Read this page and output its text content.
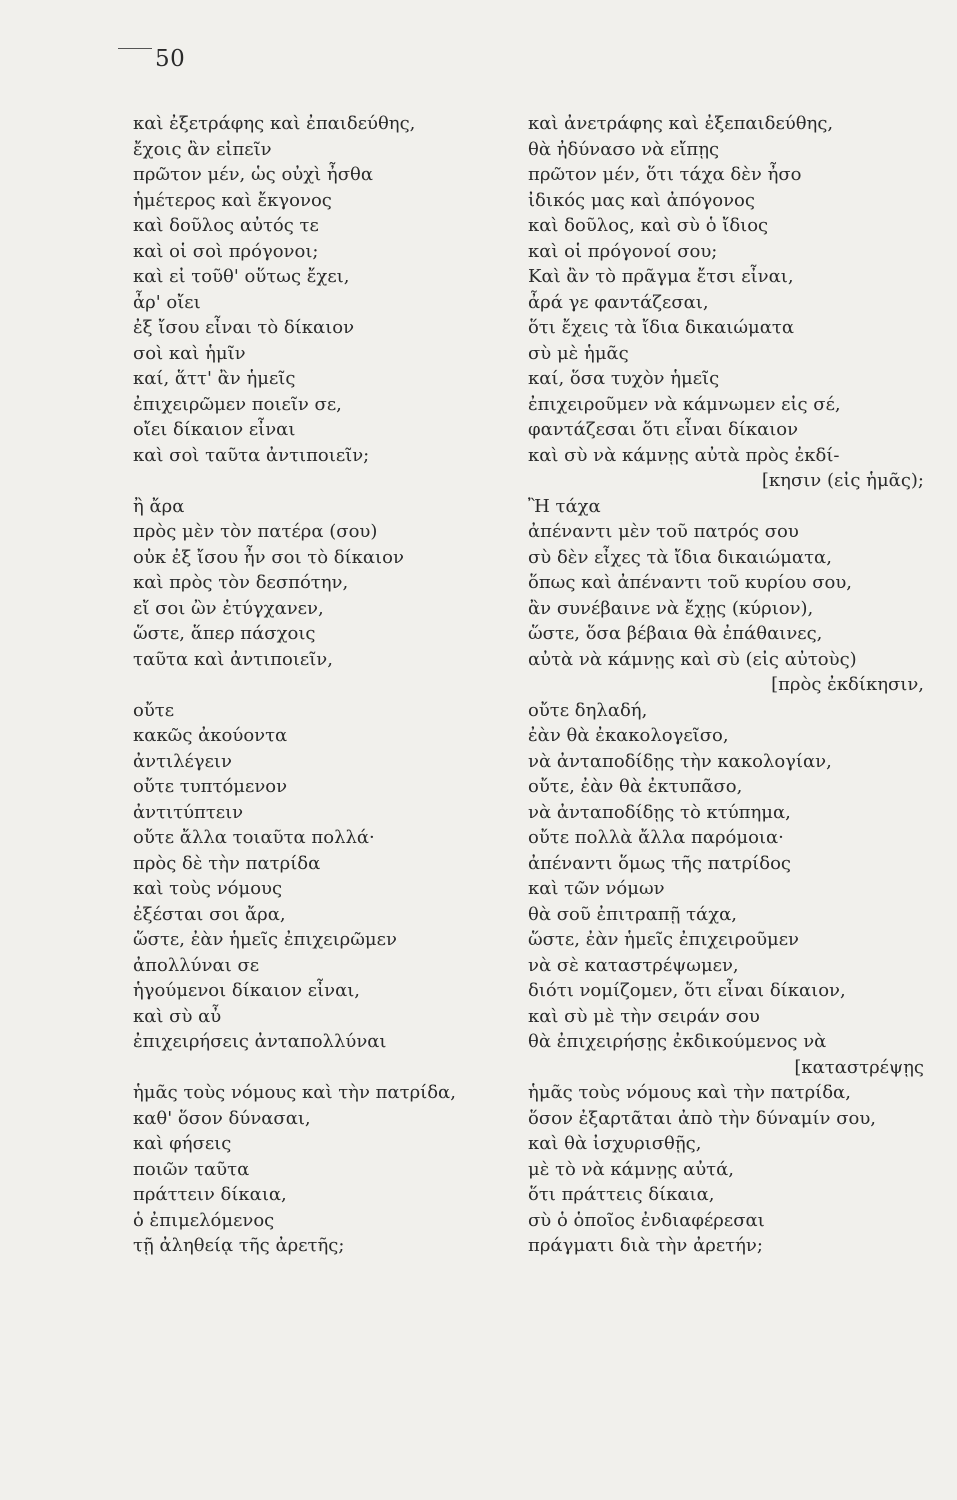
50
καὶ ἐξετράφης καὶ ἐπαιδεύθης,
ἔχοις ἂν εἰπεῖν
πρῶτον μέν, ὡς οὐχὶ ἦσθα
ἡμέτερος καὶ ἔκγονος
καὶ δοῦλος αὐτός τε
καὶ οἱ σοὶ πρόγονοι;
καὶ εἰ τοῦθ' οὕτως ἔχει,
ἆρ' οἴει
ἐξ ἴσου εἶναι τὸ δίκαιον
σοὶ καὶ ἡμῖν
καί, ἅττ' ἂν ἡμεῖς
ἐπιχειρῶμεν ποιεῖν σε,
οἴει δίκαιον εἶναι
καὶ σοὶ ταῦτα ἀντιποιεῖν;
ἢ ἄρα
πρὸς μὲν τὸν πατέρα (σου)
οὐκ ἐξ ἴσου ἦν σοι τὸ δίκαιον
καὶ πρὸς τὸν δεσπότην,
εἴ σοι ὢν ἐτύγχανεν,
ὥστε, ἅπερ πάσχοις
ταῦτα καὶ ἀντιποιεῖν,
οὔτε
κακῶς ἀκούοντα
ἀντιλέγειν
οὔτε τυπτόμενον
ἀντιτύπτειν
οὔτε ἄλλα τοιαῦτα πολλά·
πρὸς δὲ τὴν πατρίδα
καὶ τοὺς νόμους
ἐξέσται σοι ἄρα,
ὥστε, ἐὰν ἡμεῖς ἐπιχειρῶμεν
ἀπολλύναι σε
ἡγούμενοι δίκαιον εἶναι,
καὶ σὺ αὖ
ἐπιχειρήσεις ἀνταπολλύναι
ἡμᾶς τοὺς νόμους καὶ τὴν πατρίδα,
καθ' ὅσον δύνασαι,
καὶ φήσεις
ποιῶν ταῦτα
πράττειν δίκαια,
ὁ ἐπιμελόμενος
τῇ ἀληθείᾳ τῆς ἀρετῆς;
καὶ ἀνετράφης καὶ ἐξεπαιδεύθης,
θὰ ἠδύνασο νὰ εἴπῃς
πρῶτον μέν, ὅτι τάχα δὲν ἦσο
ἰδικός μας καὶ ἀπόγονος
καὶ δοῦλος, καὶ σὺ ὁ ἴδιος
καὶ οἱ πρόγονοί σου;
Καὶ ἂν τὸ πρᾶγμα ἔτσι εἶναι,
ἆρά γε φαντάζεσαι,
ὅτι ἔχεις τὰ ἴδια δικαιώματα
σὺ μὲ ἡμᾶς
καί, ὅσα τυχὸν ἡμεῖς
ἐπιχειροῦμεν νὰ κάμνωμεν εἰς σέ,
φαντάζεσαι ὅτι εἶναι δίκαιον
καὶ σὺ νὰ κάμνῃς αὐτὰ πρὸς ἐκδί-
[κησιν (εἰς ἡμᾶς);
Ἢ τάχα
ἀπέναντι μὲν τοῦ πατρός σου
σὺ δὲν εἶχες τὰ ἴδια δικαιώματα,
ὅπως καὶ ἀπέναντι τοῦ κυρίου σου,
ἂν συνέβαινε νὰ ἔχῃς (κύριον),
ὥστε, ὅσα βέβαια θὰ ἐπάθαινες,
αὐτὰ νὰ κάμνῃς καὶ σὺ (εἰς αὐτοὺς)
[πρὸς ἐκδίκησιν,
οὔτε δηλαδή,
ἐὰν θὰ ἐκακολογεῖσο,
νὰ ἀνταποδίδῃς τὴν κακολογίαν,
οὔτε, ἐὰν θὰ ἐκτυπᾶσο,
νὰ ἀνταποδίδῃς τὸ κτύπημα,
οὔτε πολλὰ ἄλλα παρόμοια·
ἀπέναντι ὅμως τῆς πατρίδος
καὶ τῶν νόμων
θὰ σοῦ ἐπιτραπῇ τάχα,
ὥστε, ἐὰν ἡμεῖς ἐπιχειροῦμεν
νὰ σὲ καταστρέψωμεν,
διότι νομίζομεν, ὅτι εἶναι δίκαιον,
καὶ σὺ μὲ τὴν σειράν σου
θὰ ἐπιχειρήσῃς ἐκδικούμενος νὰ
[καταστρέψῃς
ἡμᾶς τοὺς νόμους καὶ τὴν πατρίδα,
ὅσον ἐξαρτᾶται ἀπὸ τὴν δύναμίν σου,
καὶ θὰ ἰσχυρισθῇς,
μὲ τὸ νὰ κάμνῃς αὐτά,
ὅτι πράττεις δίκαια,
σὺ ὁ ὁποῖος ἐνδιαφέρεσαι
πράγματι διὰ τὴν ἀρετήν;
